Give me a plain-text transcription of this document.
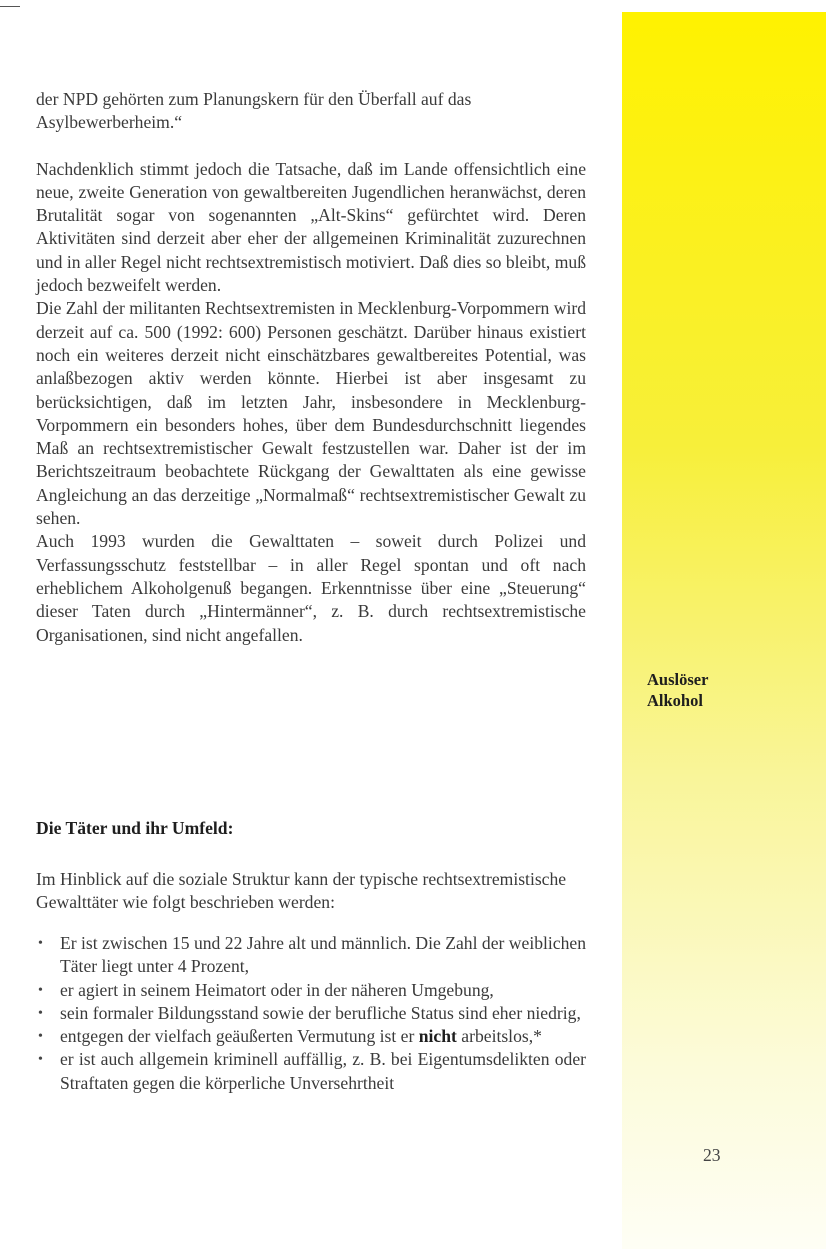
der NPD gehörten zum Planungskern für den Überfall auf das Asylbewerberheim.“

Nachdenklich stimmt jedoch die Tatsache, daß im Lande offensichtlich eine neue, zweite Generation von gewaltbereiten Jugendlichen heranwächst, deren Brutalität sogar von sogenannten „Alt-Skins“ gefürchtet wird. Deren Aktivitäten sind derzeit aber eher der allgemeinen Kriminalität zuzurechnen und in aller Regel nicht rechtsextremistisch motiviert. Daß dies so bleibt, muß jedoch bezweifelt werden.

Die Zahl der militanten Rechtsextremisten in Mecklenburg-Vorpommern wird derzeit auf ca. 500 (1992: 600) Personen geschätzt. Darüber hinaus existiert noch ein weiteres derzeit nicht einschätzbares gewaltbereites Potential, was anlaßbezogen aktiv werden könnte. Hierbei ist aber insgesamt zu berücksichtigen, daß im letzten Jahr, insbesondere in Mecklenburg-Vorpommern ein besonders hohes, über dem Bundesdurchschnitt liegendes Maß an rechtsextremistischer Gewalt festzustellen war. Daher ist der im Berichtszeitraum beobachtete Rückgang der Gewalttaten als eine gewisse Angleichung an das derzeitige „Normalmaß“ rechtsextremistischer Gewalt zu sehen.

Auch 1993 wurden die Gewalttaten – soweit durch Polizei und Verfassungsschutz feststellbar – in aller Regel spontan und oft nach erheblichem Alkoholgenuß begangen. Erkenntnisse über eine „Steuerung“ dieser Taten durch „Hintermänner“, z. B. durch rechtsextremistische Organisationen, sind nicht angefallen.

Die Täter und ihr Umfeld:
Im Hinblick auf die soziale Struktur kann der typische rechtsextremistische Gewalttäter wie folgt beschrieben werden:
• Er ist zwischen 15 und 22 Jahre alt und männlich. Die Zahl der weiblichen Täter liegt unter 4 Prozent,
• er agiert in seinem Heimatort oder in der näheren Umgebung,
• sein formaler Bildungsstand sowie der berufliche Status sind eher niedrig,
• entgegen der vielfach geäußerten Vermutung ist er nicht arbeitslos,*
• er ist auch allgemein kriminell auffällig, z. B. bei Eigentumsdelikten oder Straftaten gegen die körperliche Unversehrtheit
Auslöser
Alkohol
23
